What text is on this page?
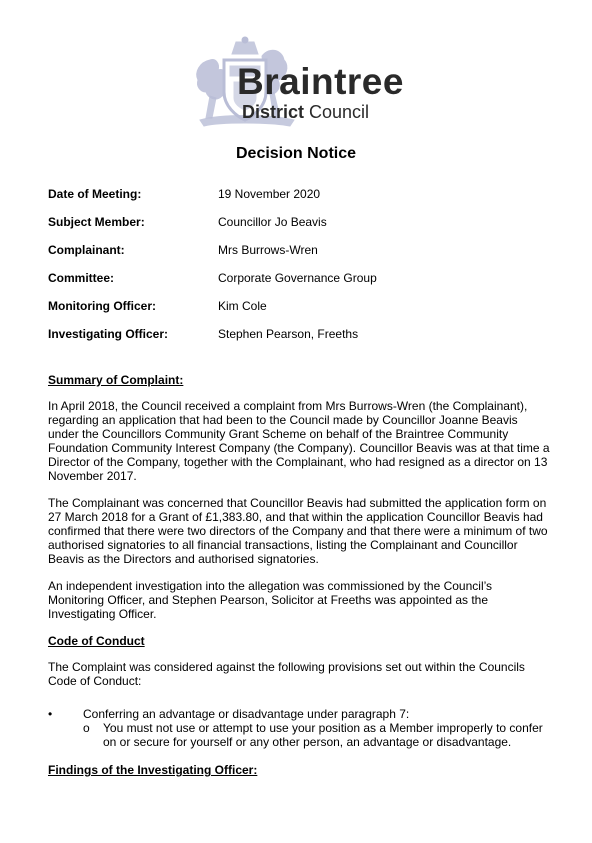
Braintree
District Council
Decision Notice
Date of Meeting:	19 November 2020
Subject Member:	Councillor Jo Beavis
Complainant:	Mrs Burrows-Wren
Committee:	Corporate Governance Group
Monitoring Officer:	Kim Cole
Investigating Officer:	Stephen Pearson, Freeths
Summary of Complaint:

In April 2018, the Council received a complaint from Mrs Burrows-Wren (the Complainant), regarding an application that had been to the Council made by Councillor Joanne Beavis under the Councillors Community Grant Scheme on behalf of the Braintree Community Foundation Community Interest Company (the Company). Councillor Beavis was at that time a Director of the Company, together with the Complainant, who had resigned as a director on 13 November 2017.

The Complainant was concerned that Councillor Beavis had submitted the application form on 27 March 2018 for a Grant of £1,383.80, and that within the application Councillor Beavis had confirmed that there were two directors of the Company and that there were a minimum of two authorised signatories to all financial transactions, listing the Complainant and Councillor Beavis as the Directors and authorised signatories.

An independent investigation into the allegation was commissioned by the Council’s Monitoring Officer, and Stephen Pearson, Solicitor at Freeths was appointed as the Investigating Officer.

Code of Conduct

The Complaint was considered against the following provisions set out within the Councils Code of Conduct:

•	Conferring an advantage or disadvantage under paragraph 7:
o You must not use or attempt to use your position as a Member improperly to confer on or secure for yourself or any other person, an advantage or disadvantage.
Findings of the Investigating Officer:
